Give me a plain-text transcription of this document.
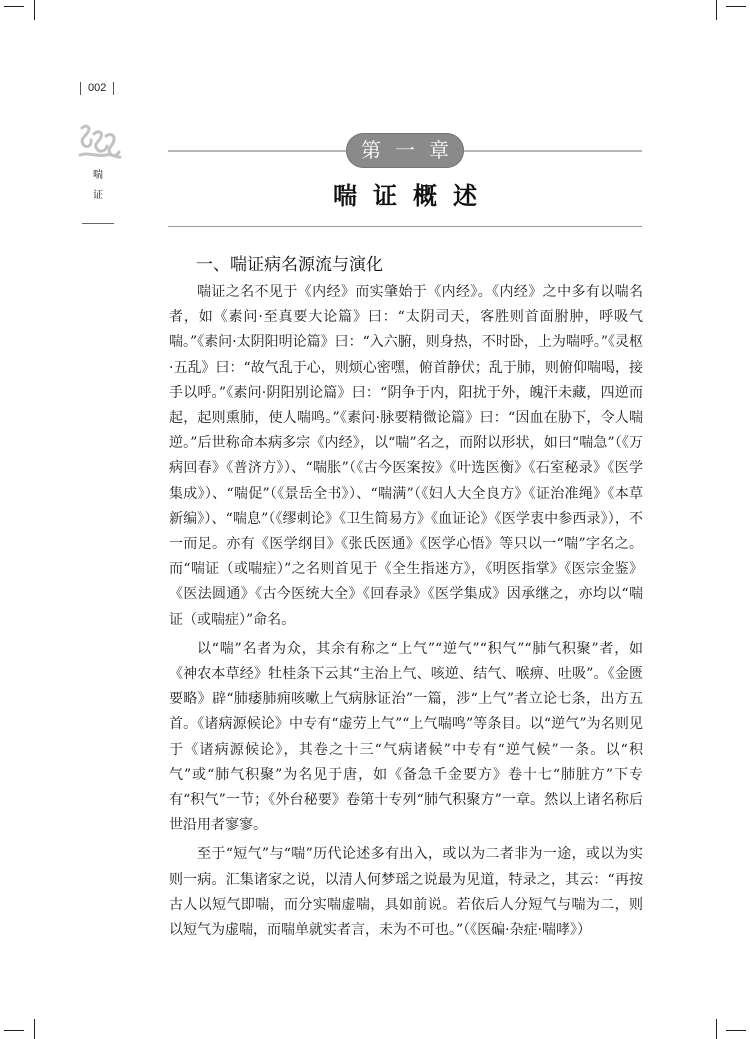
002
喘
证
第 一 章
喘证概述
一、喘证病名源流与演化

喘证之名不见于《内经》而实肇始于《内经》。《内经》之中多有以喘名者，如《素问·至真要大论篇》曰：“太阴司天，客胜则首面胕肿，呼吸气喘。”《素问·太阴阳明论篇》曰：“入六腑，则身热，不时卧，上为喘呼。”《灵枢·五乱》曰：“故气乱于心，则烦心密嘿，俯首静伏；乱于肺，则俯仰喘喝，接手以呼。”《素问·阴阳别论篇》曰：“阴争于内，阳扰于外，魄汗未藏，四逆而起，起则熏肺，使人喘鸣。”《素问·脉要精微论篇》曰：“因血在胁下，令人喘逆。”后世称命本病多宗《内经》，以“喘”名之，而附以形状，如曰“喘急”（《万病回春》《普济方》）、“喘胀”（《古今医案按》《叶选医衡》《石室秘录》《医学集成》）、“喘促”（《景岳全书》）、“喘满”（《妇人大全良方》《证治准绳》《本草新编》）、“喘息”（《缪刺论》《卫生简易方》《血证论》《医学衷中参西录》），不一而足。亦有《医学纲目》《张氏医通》《医学心悟》等只以一“喘”字名之。而“喘证（或喘症）”之名则首见于《全生指迷方》，《明医指掌》《医宗金鉴》《医法圆通》《古今医统大全》《回春录》《医学集成》因承继之，亦均以“喘证（或喘症）”命名。

以“喘”名者为众，其余有称之“上气”“逆气”“积气”“肺气积聚”者，如《神农本草经》牡桂条下云其“主治上气、咳逆、结气、喉痹、吐吸”。《金匮要略》辟“肺痿肺痈咳嗽上气病脉证治”一篇，涉“上气”者立论七条，出方五首。《诸病源候论》中专有“虚劳上气”“上气喘鸣”等条目。以“逆气”为名则见于《诸病源候论》，其卷之十三“气病诸候”中专有“逆气候”一条。以“积气”或“肺气积聚”为名见于唐，如《备急千金要方》卷十七“肺脏方”下专有“积气”一节；《外台秘要》卷第十专列“肺气积聚方”一章。然以上诸名称后世沿用者寥寥。

至于“短气”与“喘”历代论述多有出入，或以为二者非为一途，或以为实则一病。汇集诸家之说，以清人何梦瑶之说最为见道，特录之，其云：“再按古人以短气即喘，而分实喘虚喘，具如前说。若依后人分短气与喘为二，则以短气为虚喘，而喘单就实者言，未为不可也。”（《医碥·杂症·喘哮》）
